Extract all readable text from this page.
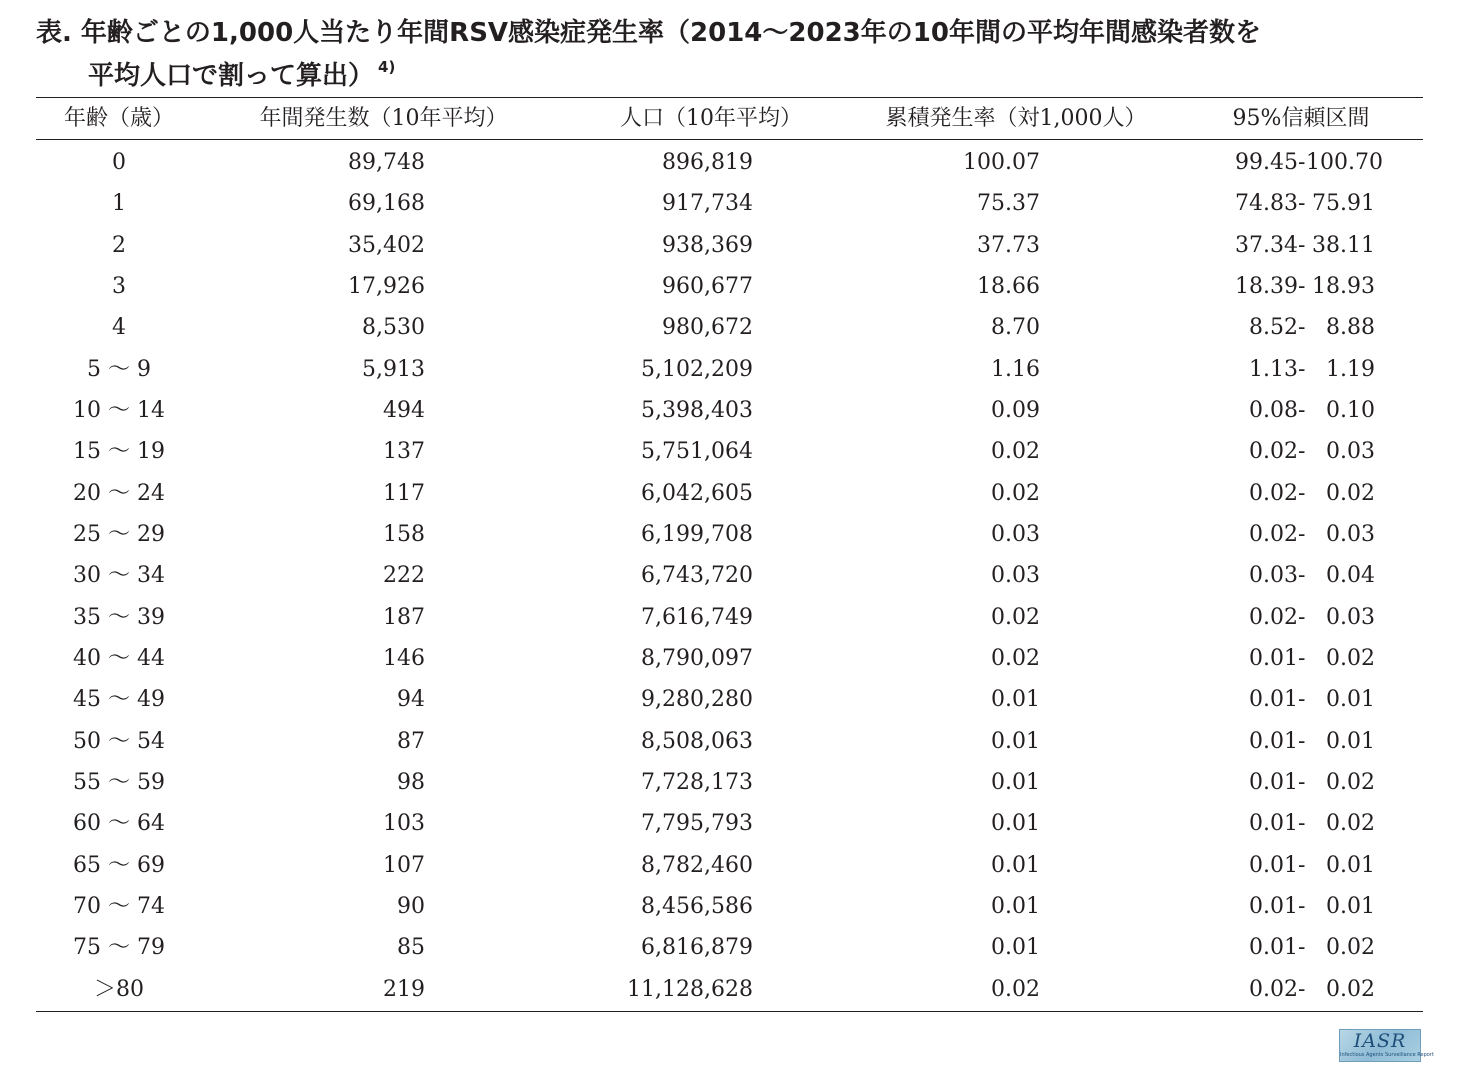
表. 年齢ごとの1,000人当たり年間RSV感染症発生率（2014～2023年の10年間の平均年間感染者数を
平均人口で割って算出） $^{4)}$
年齢（歳）	年間発生数（10年平均）	人口（10年平均）	累積発生率（対1,000人）	95%信頼区間
0	89,748	896,819	100.07	99.45 - 100.70
1	69,168	917,734	75.37	74.83 - 75.91
2	35,402	938,369	37.73	37.34 - 38.11
3	17,926	960,677	18.66	18.39 - 18.93
4	8,530	980,672	8.70	8.52 - 8.88
5 ～ 9	5,913	5,102,209	1.16	1.13 - 1.19
10 ～ 14	494	5,398,403	0.09	0.08 - 0.10
15 ～ 19	137	5,751,064	0.02	0.02 - 0.03
20 ～ 24	117	6,042,605	0.02	0.02 - 0.02
25 ～ 29	158	6,199,708	0.03	0.02 - 0.03
30 ～ 34	222	6,743,720	0.03	0.03 - 0.04
35 ～ 39	187	7,616,749	0.02	0.02 - 0.03
40 ～ 44	146	8,790,097	0.02	0.01 - 0.02
45 ～ 49	94	9,280,280	0.01	0.01 - 0.01
50 ～ 54	87	8,508,063	0.01	0.01 - 0.01
55 ～ 59	98	7,728,173	0.01	0.01 - 0.02
60 ～ 64	103	7,795,793	0.01	0.01 - 0.02
65 ～ 69	107	8,782,460	0.01	0.01 - 0.01
70 ～ 74	90	8,456,586	0.01	0.01 - 0.01
75 ～ 79	85	6,816,879	0.01	0.01 - 0.02
＞80	219	11,128,628	0.02	0.02 - 0.02
IASR
Infectious Agents Surveillance Report
